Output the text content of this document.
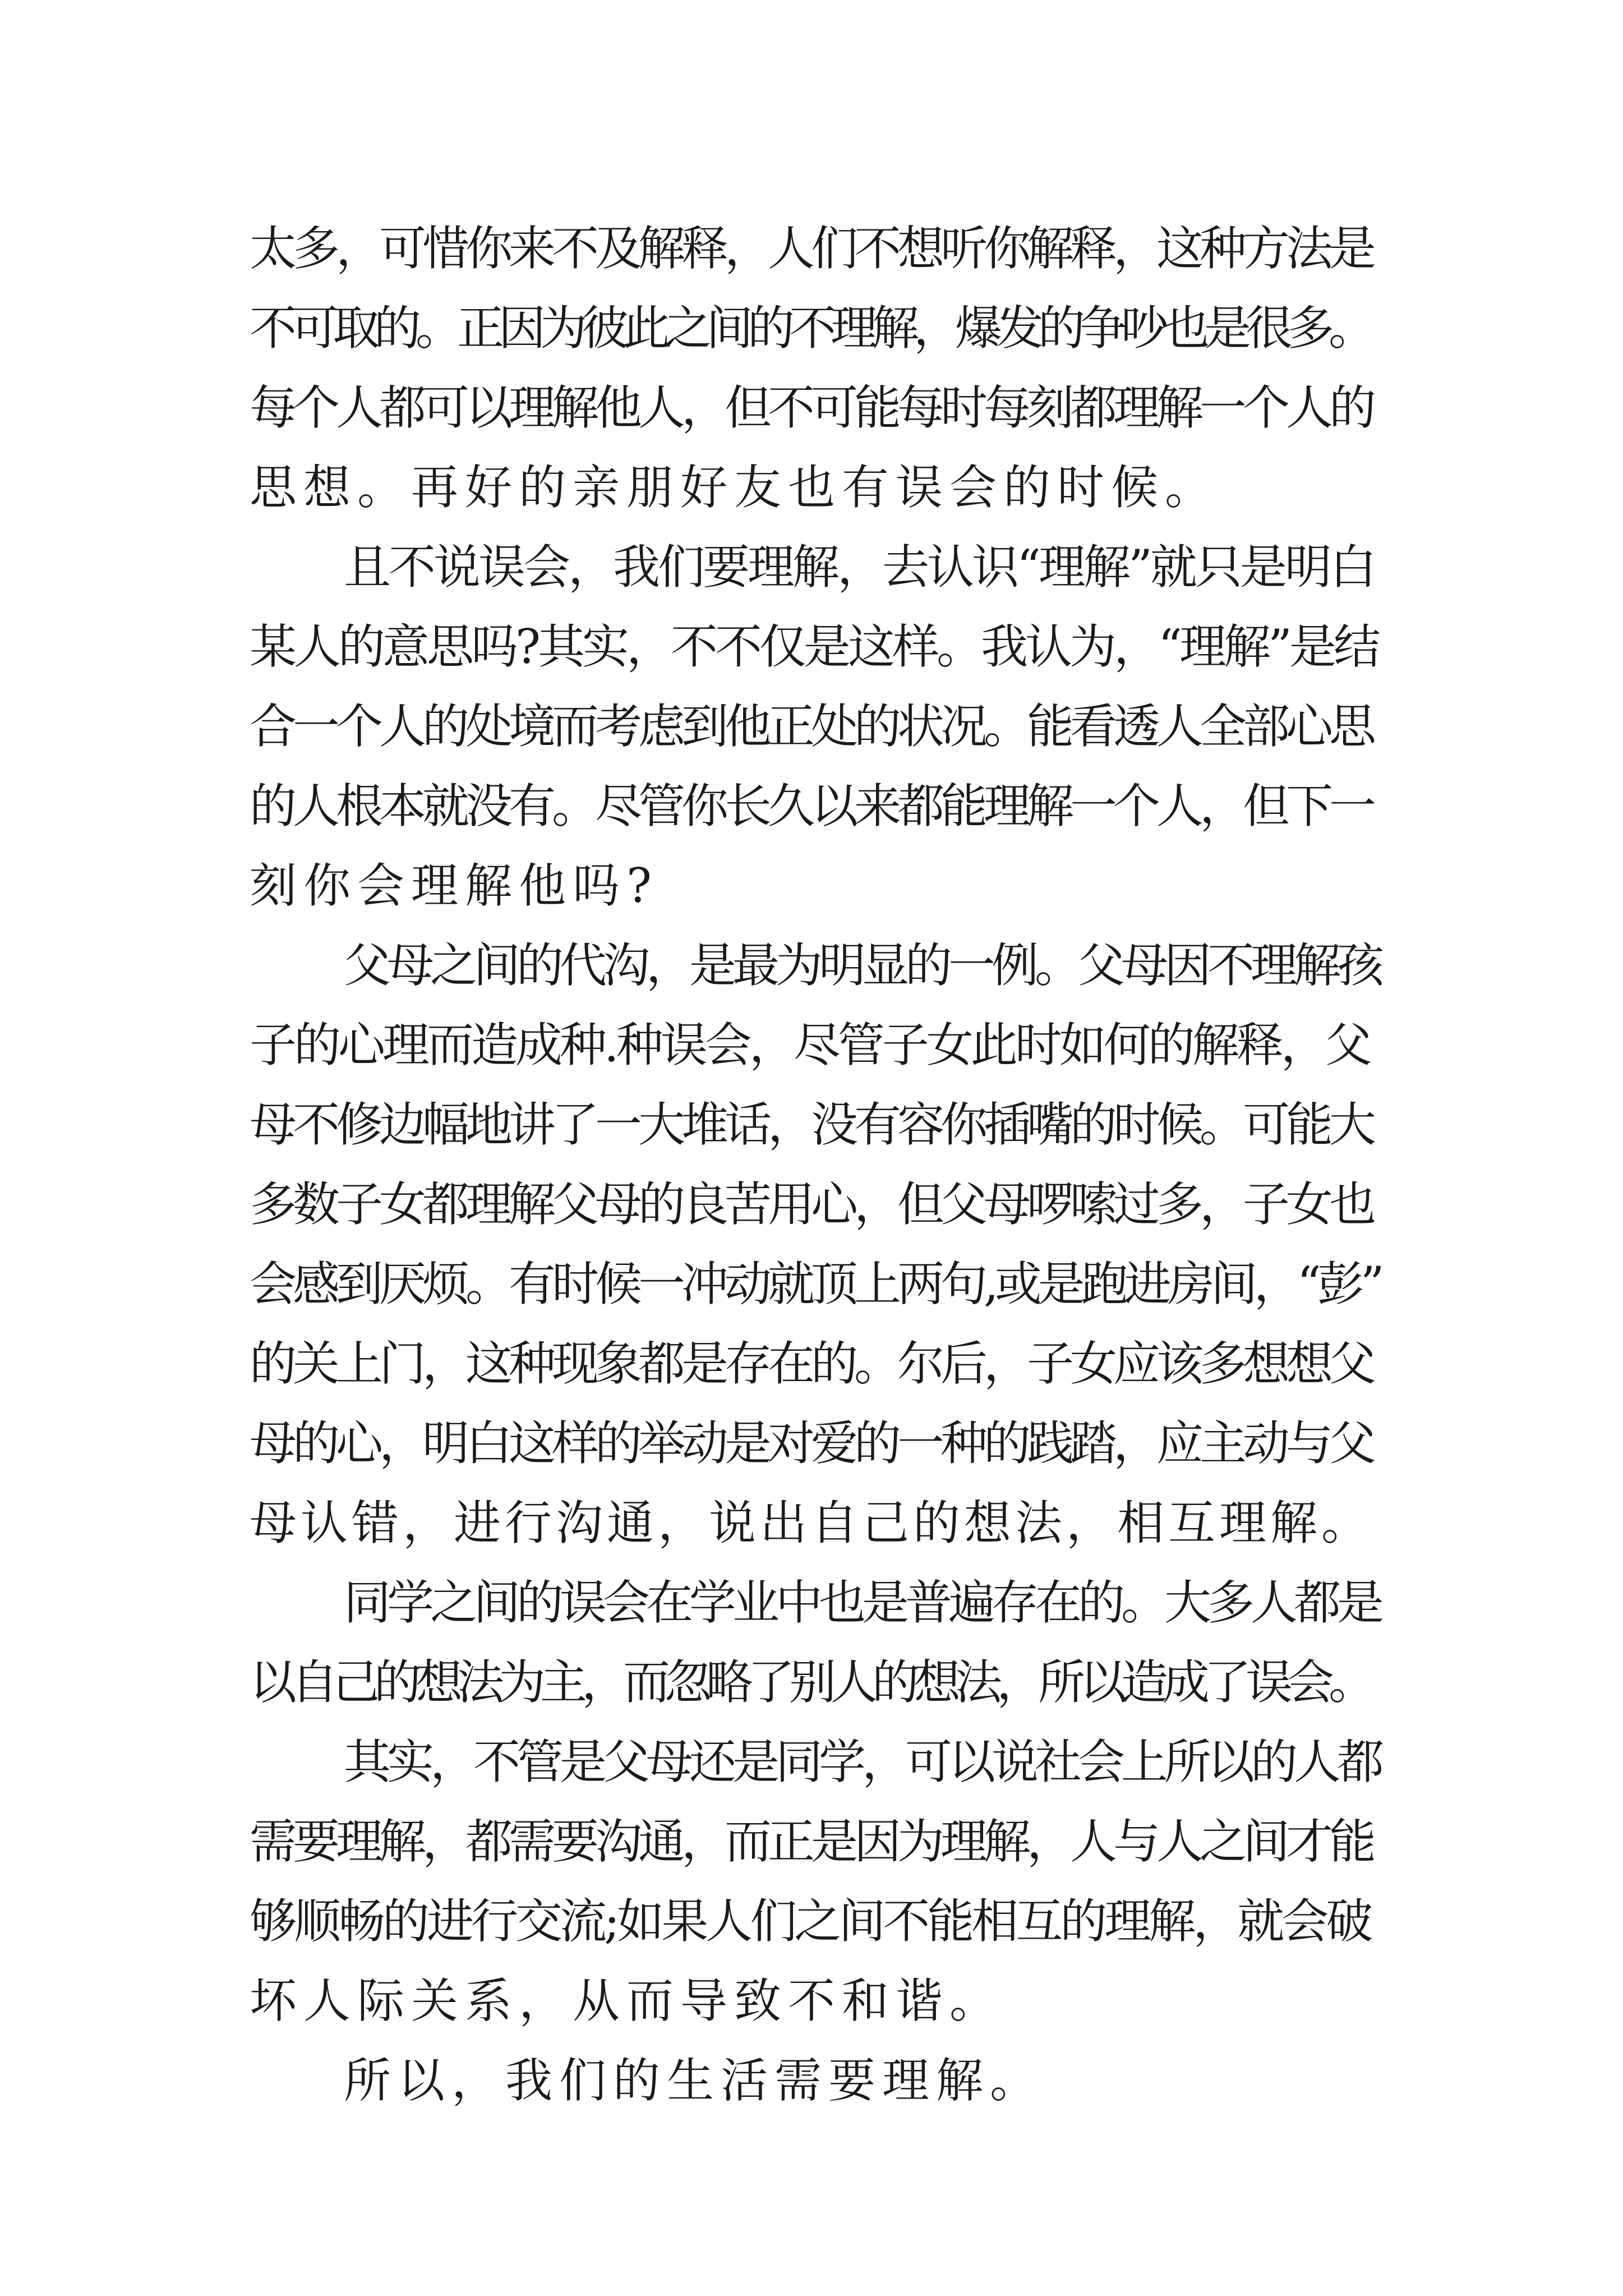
太多，可惜你来不及解释，人们不想听你解释，这种方法是
不可取的。正因为彼此之间的不理解，爆发的争吵也是很多。
每个人都可以理解他人，但不可能每时每刻都理解一个人的
思想。再好的亲朋好友也有误会的时候。
且不说误会，我们要理解，去认识“理解”就只是明白
某人的意思吗?其实，不不仅是这样。我认为，“理解”是结
合一个人的处境而考虑到他正处的状况。能看透人全部心思
的人根本就没有。尽管你长久以来都能理解一个人，但下一
刻你会理解他吗?
父母之间的代沟，是最为明显的一例。父母因不理解孩
子的心理而造成种.种误会，尽管子女此时如何的解释，父
母不修边幅地讲了一大堆话，没有容你插嘴的时候。可能大
多数子女都理解父母的良苦用心，但父母啰嗦过多，子女也
会感到厌烦。有时候一冲动就顶上两句,或是跑进房间，“彭”
的关上门，这种现象都是存在的。尔后，子女应该多想想父
母的心，明白这样的举动是对爱的一种的践踏，应主动与父
母认错，进行沟通，说出自己的想法，相互理解。
同学之间的误会在学业中也是普遍存在的。大多人都是
以自己的想法为主，而忽略了别人的想法，所以造成了误会。
其实，不管是父母还是同学，可以说社会上所以的人都
需要理解，都需要沟通，而正是因为理解，人与人之间才能
够顺畅的进行交流;如果人们之间不能相互的理解，就会破
坏人际关系，从而导致不和谐。
所以，我们的生活需要理解。
